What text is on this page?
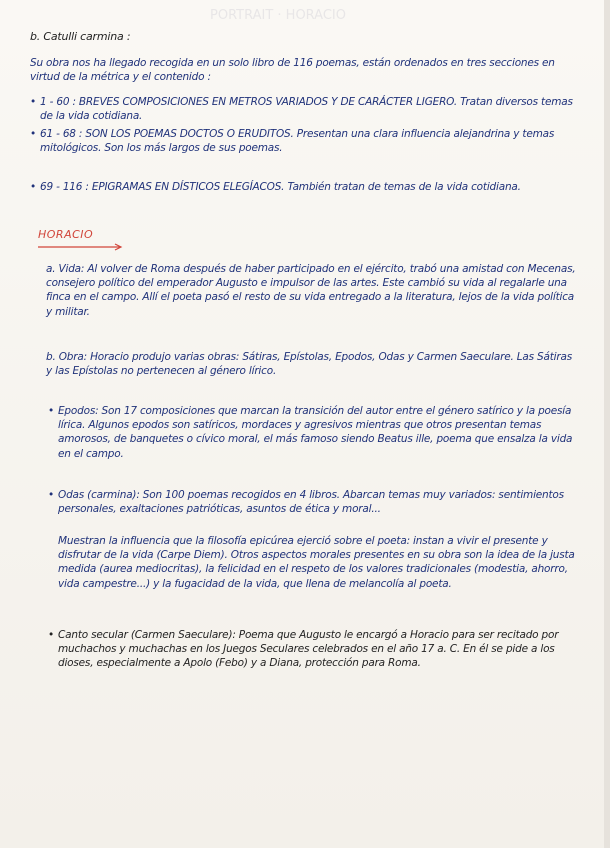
PORTRAIT · HORACIO
b. Catulli carmina :
Su obra nos ha llegado recogida en un solo libro de 116 poemas, están ordenados en tres secciones en virtud de la métrica y el contenido :
• 1 - 60 : BREVES COMPOSICIONES EN METROS VARIADOS Y DE CARÁCTER LIGERO. Tratan diversos temas de la vida cotidiana.
• 61 - 68 : SON LOS POEMAS DOCTOS O ERUDITOS. Presentan una clara influencia alejandrina y temas mitológicos. Son los más largos de sus poemas.
• 69 - 116 : EPIGRAMAS EN DÍSTICOS ELEGÍACOS. También tratan de temas de la vida cotidiana.
HORACIO
a. Vida: Al volver de Roma después de haber participado en el ejército, trabó una amistad con Mecenas, consejero político del emperador Augusto e impulsor de las artes. Este cambió su vida al regalarle una finca en el campo. Allí el poeta pasó el resto de su vida entregado a la literatura, lejos de la vida política y militar.
b. Obra: Horacio produjo varias obras: Sátiras, Epístolas, Epodos, Odas y Carmen Saeculare. Las Sátiras y las Epístolas no pertenecen al género lírico.
• Epodos: Son 17 composiciones que marcan la transición del autor entre el género satírico y la poesía lírica. Algunos epodos son satíricos, mordaces y agresivos mientras que otros presentan temas amorosos, de banquetes o cívico moral, el más famoso siendo Beatus ille, poema que ensalza la vida en el campo.
• Odas (carmina): Son 100 poemas recogidos en 4 libros. Abarcan temas muy variados: sentimientos personales, exaltaciones patrióticas, asuntos de ética y moral...
Muestran la influencia que la filosofía epicúrea ejerció sobre el poeta: instan a vivir el presente y disfrutar de la vida (Carpe Diem). Otros aspectos morales presentes en su obra son la idea de la justa medida (aurea mediocritas), la felicidad en el respeto de los valores tradicionales (modestia, ahorro, vida campestre...) y la fugacidad de la vida, que llena de melancolía al poeta.
• Canto secular (Carmen Saeculare): Poema que Augusto le encargó a Horacio para ser recitado por muchachos y muchachas en los Juegos Seculares celebrados en el año 17 a. C. En él se pide a los dioses, especialmente a Apolo (Febo) y a Diana, protección para Roma.
